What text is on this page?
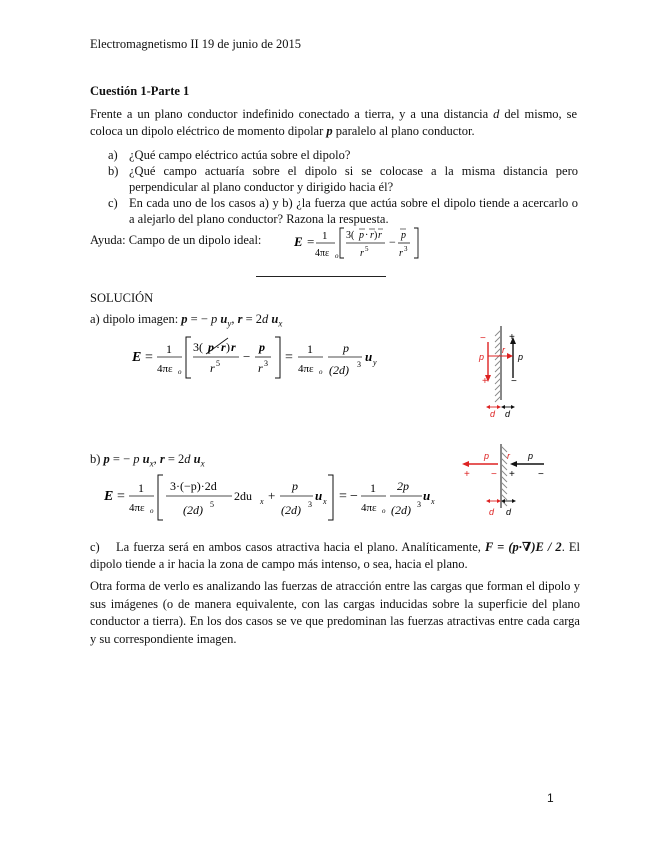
Electromagnetismo II 19 de junio de 2015
Cuestión 1-Parte 1
Frente a un plano conductor indefinido conectado a tierra, y a una distancia d del mismo, se coloca un dipolo eléctrico de momento dipolar p paralelo al plano conductor.
a) ¿Qué campo eléctrico actúa sobre el dipolo?
b) ¿Qué campo actuaría sobre el dipolo si se colocase a la misma distancia pero perpendicular al plano conductor y dirigido hacia él?
c) En cada uno de los casos a) y b) ¿la fuerza que actúa sobre el dipolo tiende a acercarlo o a alejarlo del plano conductor? Razona la respuesta.
Ayuda: Campo de un dipolo ideal:	E = 1
4πε o
3( p · r ) r
r 5 − p
r 3
SOLUCIÓN
a) dipolo imagen: p = − p $u_y$, r = 2d $u_x$
E =
1
4πε o
3( p · r ) r
r 5 −
p
r 3 =
1
4πε o
p
(2d) 3
u y
−
+
p
+
−
p
r
d d
b) p = − p $u_x$, r = 2d $u_x$
E =
1
4πε o
3·(−p)·2d
(2d) 5
2du x +
p
(2d) 3
u x = −
1
4πε o
2p
(2d) 3
u x
p
+ −
p
+ −
r
d d
c) La fuerza será en ambos casos atractiva hacia el plano. Analíticamente, F = (p·∇)E / 2. El dipolo tiende a ir hacia la zona de campo más intenso, o sea, hacia el plano.
Otra forma de verlo es analizando las fuerzas de atracción entre las cargas que forman el dipolo y sus imágenes (o de manera equivalente, con las cargas inducidas sobre la superficie del plano conductor a tierra). En los dos casos se ve que predominan las fuerzas atractivas entre cada carga y su correspondiente imagen.
1
